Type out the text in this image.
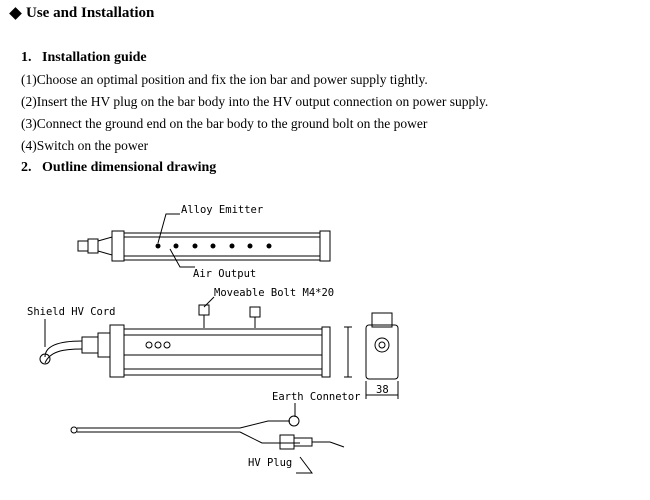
Use and Installation
1. Installation guide
(1)Choose an optimal position and fix the ion bar and power supply tightly.
(2)Insert the HV plug on the bar body into the HV output connection on power supply.
(3)Connect the ground end on the bar body to the ground bolt on the power
(4)Switch on the power
2. Outline dimensional drawing
Alloy Emitter
Air Output
Moveable Bolt M4*20
Shield HV Cord
38
Earth Connetor
HV Plug
